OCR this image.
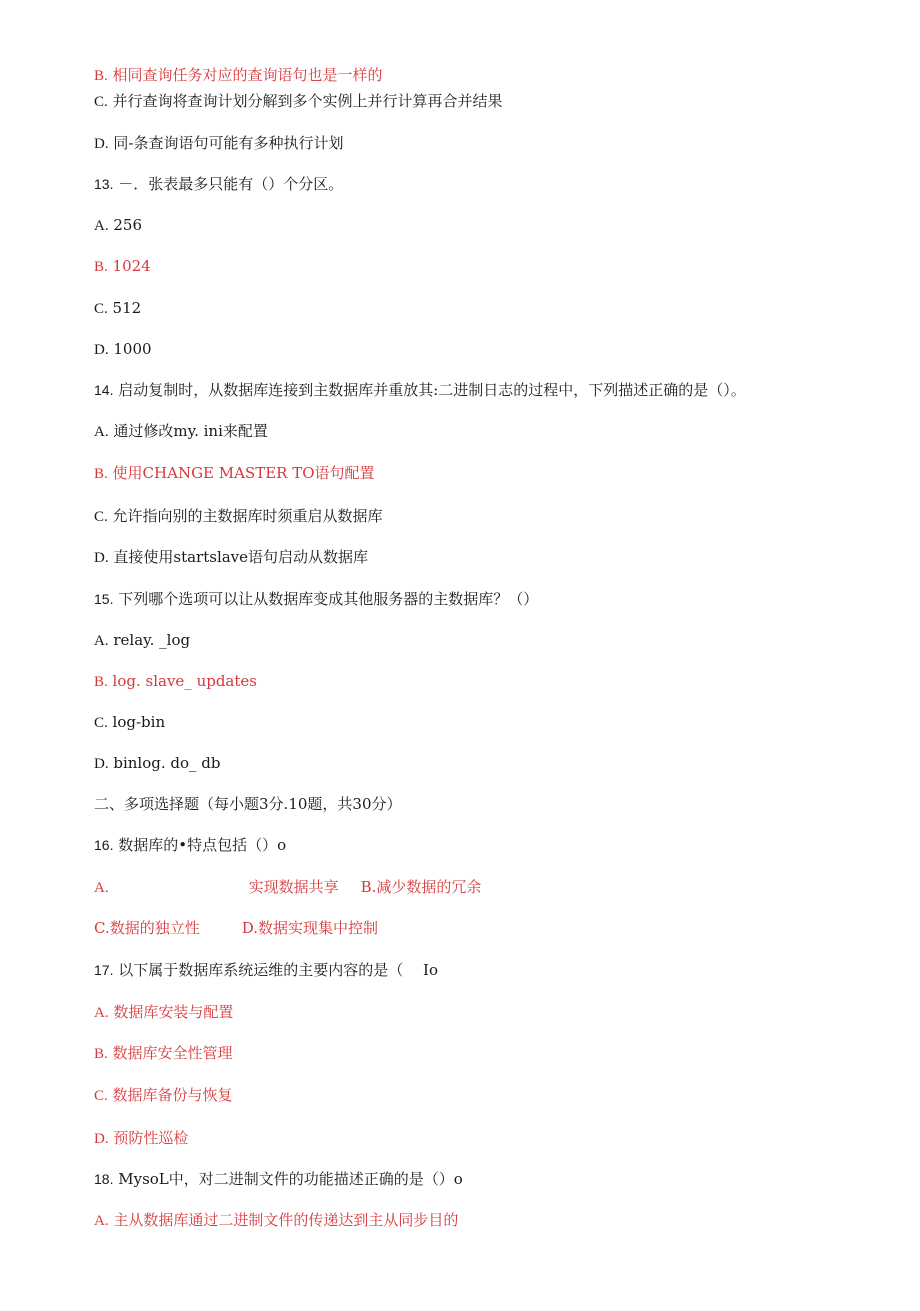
B. 相同查询任务对应的查询语句也是一样的
C. 并行查询将查询计划分解到多个实例上并行计算再合并结果
D. 同-条查询语句可能有多种执行计划
13. －．张表最多只能有（）个分区。
A. 256
B. 1024
C. 512
D. 1000
14. 启动复制时，从数据库连接到主数据库并重放其:二进制日志的过程中，下列描述正确的是（）。
A. 通过修改my. ini来配置
B. 使用CHANGE MASTER TO语句配置
C. 允许指向别的主数据库时须重启从数据库
D. 直接使用startslave语句启动从数据库
15. 下列哪个选项可以让从数据库变成其他服务器的主数据库？（）
A. relay. _log
B. log. slave_ updates
C. log-bin
D. binlog. do_ db
二、多项选择题（每小题3分.10题，共30分）
16. 数据库的•特点包括（）o
A.	实现数据共享 B.减少数据的冗余
C.数据的独立性	D.数据实现集中控制
17. 以下属于数据库系统运维的主要内容的是（　 Io
A. 数据库安装与配置
B. 数据库安全性管理
C. 数据库备份与恢复
D. 预防性巡检
18. MysoL中，对二进制文件的功能描述正确的是（）o
A. 主从数据库通过二进制文件的传递达到主从同步目的
